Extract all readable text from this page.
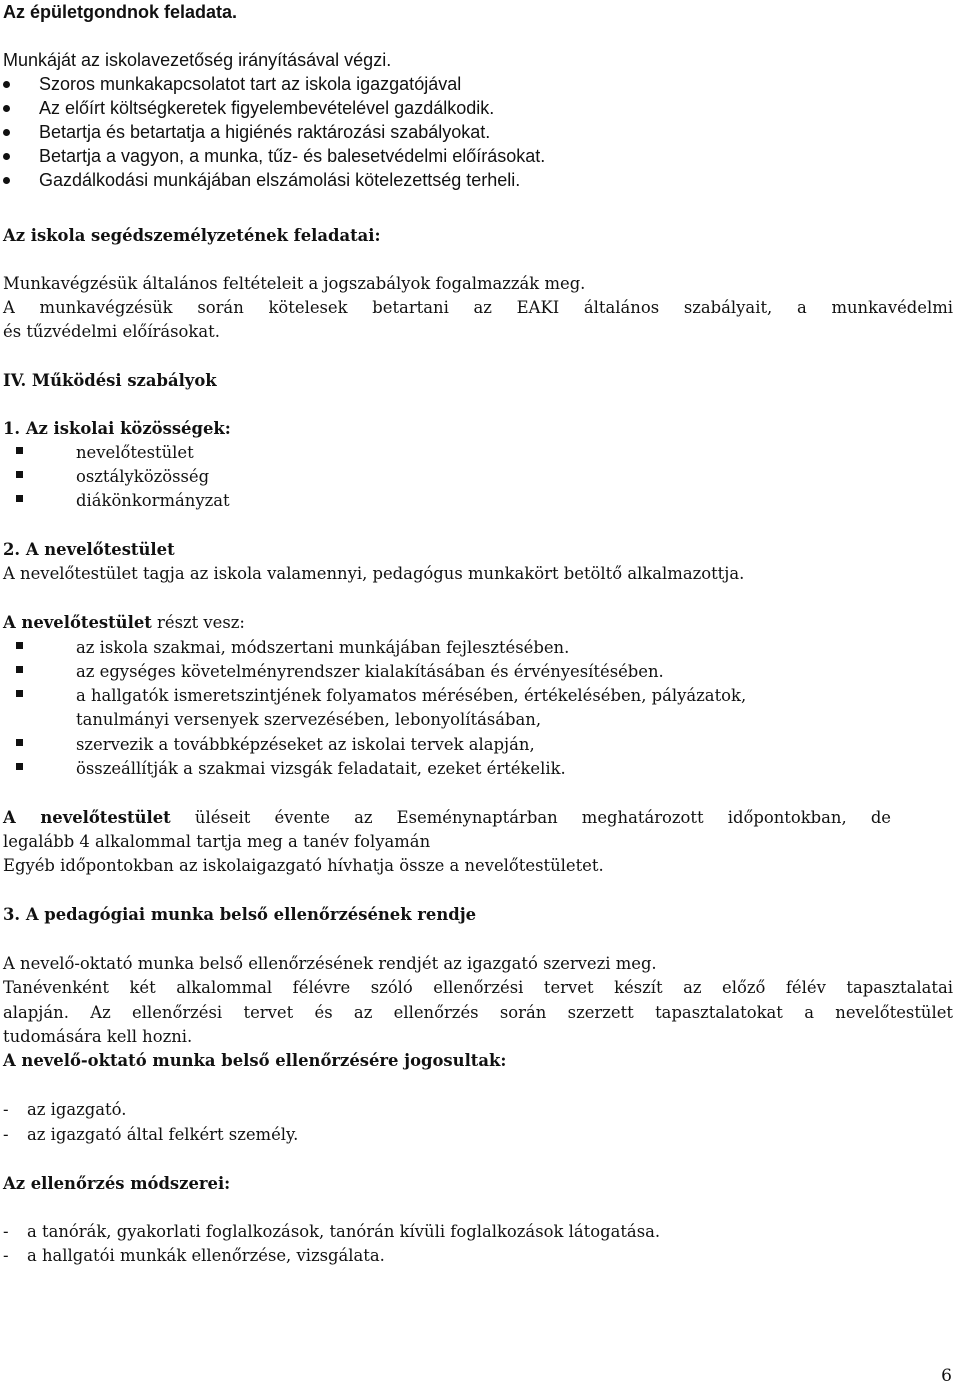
Az épületgondnok feladata.
Munkáját az iskolavezetőség irányításával végzi.
Szoros munkakapcsolatot tart az iskola igazgatójával
Az előírt költségkeretek figyelembevételével gazdálkodik.
Betartja és betartatja a higiénés raktározási szabályokat.
Betartja a vagyon, a munka, tűz- és balesetvédelmi előírásokat.
Gazdálkodási munkájában elszámolási kötelezettség terheli.
Az iskola segédszemélyzetének feladatai:
Munkavégzésük általános feltételeit a jogszabályok fogalmazzák meg.
A munkavégzésük során kötelesek betartani az EAKI általános szabályait, a munkavédelmi
és tűzvédelmi előírásokat.
IV. Működési szabályok
1. Az iskolai közösségek:
nevelőtestület
osztályközösség
diákönkormányzat
2. A nevelőtestület
A nevelőtestület tagja az iskola valamennyi, pedagógus munkakört betöltő alkalmazottja.
A nevelőtestület részt vesz:
az iskola szakmai, módszertani munkájában fejlesztésében.
az egységes követelményrendszer kialakításában és érvényesítésében.
a hallgatók ismeretszintjének folyamatos mérésében, értékelésében, pályázatok,
tanulmányi versenyek szervezésében, lebonyolításában,
szervezik a továbbképzéseket az iskolai tervek alapján,
összeállítják a szakmai vizsgák feladatait, ezeket értékelik.
A nevelőtestület üléseit évente az Eseménynaptárban meghatározott időpontokban, de
legalább 4 alkalommal tartja meg a tanév folyamán
Egyéb időpontokban az iskolaigazgató hívhatja össze a nevelőtestületet.
3. A pedagógiai munka belső ellenőrzésének rendje
A nevelő-oktató munka belső ellenőrzésének rendjét az igazgató szervezi meg.
Tanévenként két alkalommal félévre szóló ellenőrzési tervet készít az előző félév tapasztalatai
alapján. Az ellenőrzési tervet és az ellenőrzés során szerzett tapasztalatokat a nevelőtestület
tudomására kell hozni.
A nevelő-oktató munka belső ellenőrzésére jogosultak:
- az igazgató.
- az igazgató által felkért személy.
Az ellenőrzés módszerei:
- a tanórák, gyakorlati foglalkozások, tanórán kívüli foglalkozások látogatása.
- a hallgatói munkák ellenőrzése, vizsgálata.
6
